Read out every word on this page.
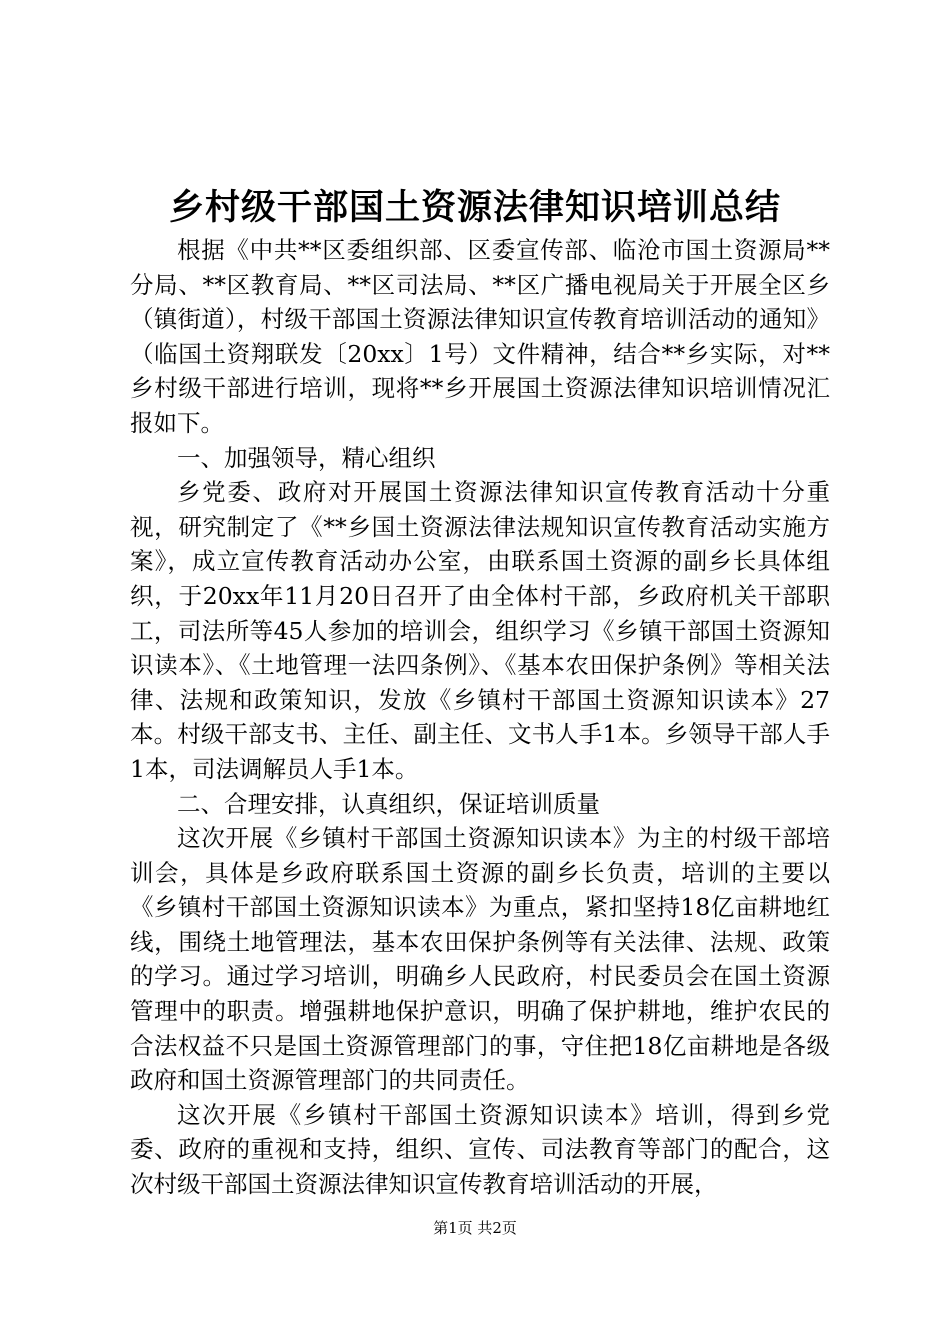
乡村级干部国土资源法律知识培训总结

根据《中共**区委组织部、区委宣传部、临沧市国土资源局**分局、**区教育局、**区司法局、**区广播电视局关于开展全区乡（镇街道），村级干部国土资源法律知识宣传教育培训活动的通知》（临国土资翔联发〔20xx〕1号）文件精神，结合**乡实际，对**乡村级干部进行培训，现将**乡开展国土资源法律知识培训情况汇报如下。

一、加强领导，精心组织

乡党委、政府对开展国土资源法律知识宣传教育活动十分重视，研究制定了《**乡国土资源法律法规知识宣传教育活动实施方案》，成立宣传教育活动办公室，由联系国土资源的副乡长具体组织，于20xx年11月20日召开了由全体村干部，乡政府机关干部职工，司法所等45人参加的培训会，组织学习《乡镇干部国土资源知识读本》、《土地管理一法四条例》、《基本农田保护条例》等相关法律、法规和政策知识，发放《乡镇村干部国土资源知识读本》27本。村级干部支书、主任、副主任、文书人手1本。乡领导干部人手1本，司法调解员人手1本。

二、合理安排，认真组织，保证培训质量

这次开展《乡镇村干部国土资源知识读本》为主的村级干部培训会，具体是乡政府联系国土资源的副乡长负责，培训的主要以《乡镇村干部国土资源知识读本》为重点，紧扣坚持18亿亩耕地红线，围绕土地管理法，基本农田保护条例等有关法律、法规、政策的学习。通过学习培训，明确乡人民政府，村民委员会在国土资源管理中的职责。增强耕地保护意识，明确了保护耕地，维护农民的合法权益不只是国土资源管理部门的事，守住把18亿亩耕地是各级政府和国土资源管理部门的共同责任。

这次开展《乡镇村干部国土资源知识读本》培训，得到乡党委、政府的重视和支持，组织、宣传、司法教育等部门的配合，这次村级干部国土资源法律知识宣传教育培训活动的开展，

第1页 共2页
